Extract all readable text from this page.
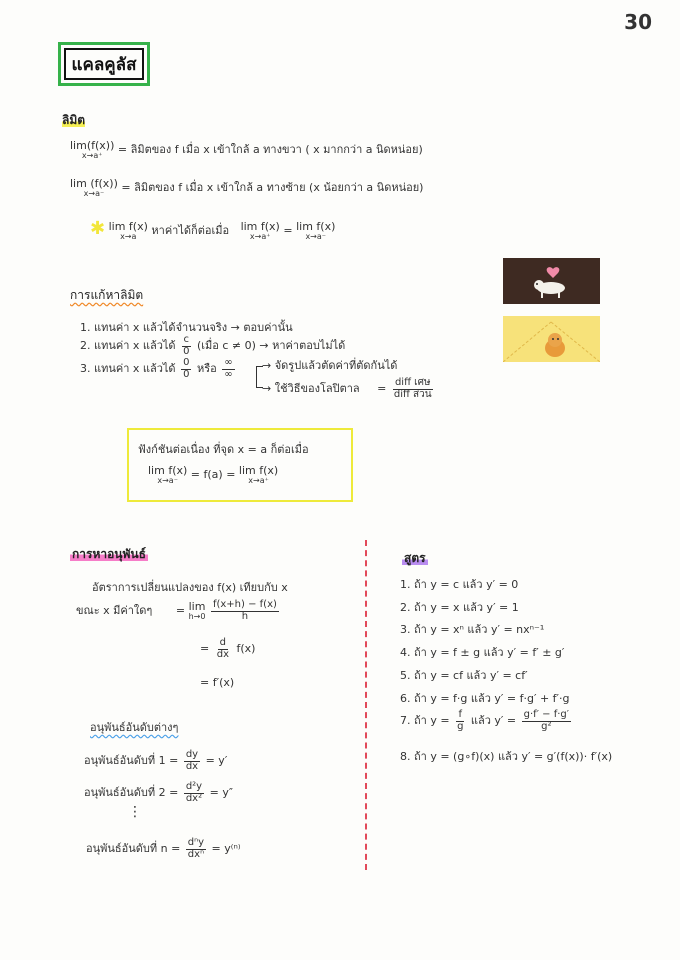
30
แคลคูลัส
ลิมิต
lim(f(x))
x→a⁺ = ลิมิตของ f เมื่อ x เข้าใกล้ a ทางขวา ( x มากกว่า a นิดหน่อย)
lim (f(x))
x→a⁻ = ลิมิตของ f เมื่อ x เข้าใกล้ a ทางซ้าย (x น้อยกว่า a นิดหน่อย)
✱ lim f(x)
x→a หาค่าได้ก็ต่อเมื่อ lim f(x)
x→a⁺ = lim f(x)
x→a⁻
การแก้หาลิมิต
1. แทนค่า x แล้วได้จำนวนจริง → ตอบค่านั้น
2. แทนค่า x แล้วได้ $\frac{c}{0}$ (เมื่อ c ≠ 0) → หาค่าตอบไม่ได้
3. แทนค่า x แล้วได้ $\frac{0}{0}$ หรือ $\frac{\infty}{\infty}$ → จัดรูปแล้วตัดค่าที่ตัดกันได้
→ ใช้วิธีของโลปิตาล = $\frac{\text{diff เศษ}}{\text{diff ส่วน}}$
ฟังก์ชันต่อเนื่อง ที่จุด x = a ก็ต่อเมื่อ
lim f(x)
x→a⁻ = f(a) = lim f(x)
x→a⁺
การหาอนุพันธ์
อัตราการเปลี่ยนแปลงของ f(x) เทียบกับ x
ขณะ x มีค่าใดๆ = lim
h→0
$\frac{f(x+h) - f(x)}{h}$
= $\frac{d}{dx} f(x)$
= f′(x)
อนุพันธ์อันดับต่างๆ
อนุพันธ์อันดับที่ $1 = \frac{dy}{dx} = y'$
อนุพันธ์อันดับที่ $2 = \frac{\text{d²y}}{\text{dx²}} = y''$
⋮
อนุพันธ์อันดับที่ $n = \frac{\text{dⁿy}}{\text{dxⁿ}} = y^{(n)}$
สูตร
1. ถ้า y = c แล้ว y′ = 0
2. ถ้า y = x แล้ว y′ = 1
3. ถ้า y = xⁿ แล้ว y′ = nxⁿ⁻¹
4. ถ้า y = f ± g แล้ว y′ = f′ ± g′
5. ถ้า y = cf แล้ว y′ = cf′
6. ถ้า y = f·g แล้ว y′ = f·g′ + f′·g
7. ถ้า $y = \frac{f}{g}$ แล้ว $y' = \frac{g\cdot f' - f\cdot g'}{\text{g²}}$
8. ถ้า y = (g∘f)(x) แล้ว y′ = g′(f(x))· f′(x)
